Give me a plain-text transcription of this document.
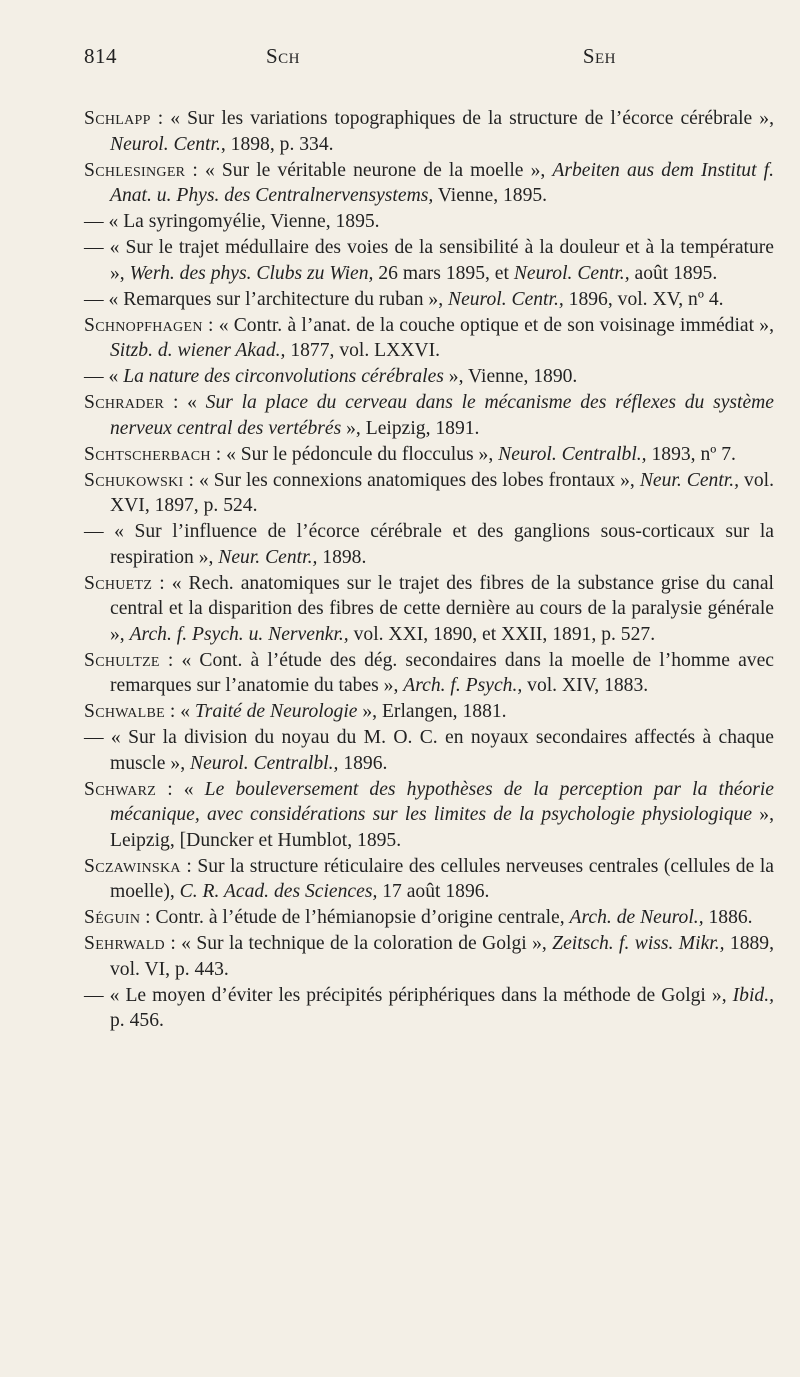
814	Sch	Seh

Schlapp : « Sur les variations topographiques de la structure de l’écorce cérébrale », Neurol. Centr., 1898, p. 334.

Schlesinger : « Sur le véritable neurone de la moelle », Arbeiten aus dem Institut f. Anat. u. Phys. des Centralnervensystems, Vienne, 1895.

— « La syringomyélie, Vienne, 1895.

— « Sur le trajet médullaire des voies de la sensibilité à la douleur et à la température », Werh. des phys. Clubs zu Wien, 26 mars 1895, et Neurol. Centr., août 1895.

— « Remarques sur l’architecture du ruban », Neurol. Centr., 1896, vol. XV, nº 4.

Schnopfhagen : « Contr. à l’anat. de la couche optique et de son voisinage immédiat », Sitzb. d. wiener Akad., 1877, vol. LXXVI.

— « La nature des circonvolutions cérébrales », Vienne, 1890.

Schrader : « Sur la place du cerveau dans le mécanisme des réflexes du système nerveux central des vertébrés », Leipzig, 1891.

Schtscherbach : « Sur le pédoncule du flocculus », Neurol. Centralbl., 1893, nº 7.

Schukowski : « Sur les connexions anatomiques des lobes frontaux », Neur. Centr., vol. XVI, 1897, p. 524.

— « Sur l’influence de l’écorce cérébrale et des ganglions sous-corticaux sur la respiration », Neur. Centr., 1898.

Schuetz : « Rech. anatomiques sur le trajet des fibres de la substance grise du canal central et la disparition des fibres de cette dernière au cours de la paralysie générale », Arch. f. Psych. u. Nervenkr., vol. XXI, 1890, et XXII, 1891, p. 527.

Schultze : « Cont. à l’étude des dég. secondaires dans la moelle de l’homme avec remarques sur l’anatomie du tabes », Arch. f. Psych., vol. XIV, 1883.

Schwalbe : « Traité de Neurologie », Erlangen, 1881.

— « Sur la division du noyau du M. O. C. en noyaux secondaires affectés à chaque muscle », Neurol. Centralbl., 1896.

Schwarz : « Le bouleversement des hypothèses de la perception par la théorie mécanique, avec considérations sur les limites de la psychologie physiologique », Leipzig, [Duncker et Humblot, 1895.

Sczawinska : Sur la structure réticulaire des cellules nerveuses centrales (cellules de la moelle), C. R. Acad. des Sciences, 17 août 1896.

Séguin : Contr. à l’étude de l’hémianopsie d’origine centrale, Arch. de Neurol., 1886.

Sehrwald : « Sur la technique de la coloration de Golgi », Zeitsch. f. wiss. Mikr., 1889, vol. VI, p. 443.

— « Le moyen d’éviter les précipités périphériques dans la méthode de Golgi », Ibid., p. 456.
